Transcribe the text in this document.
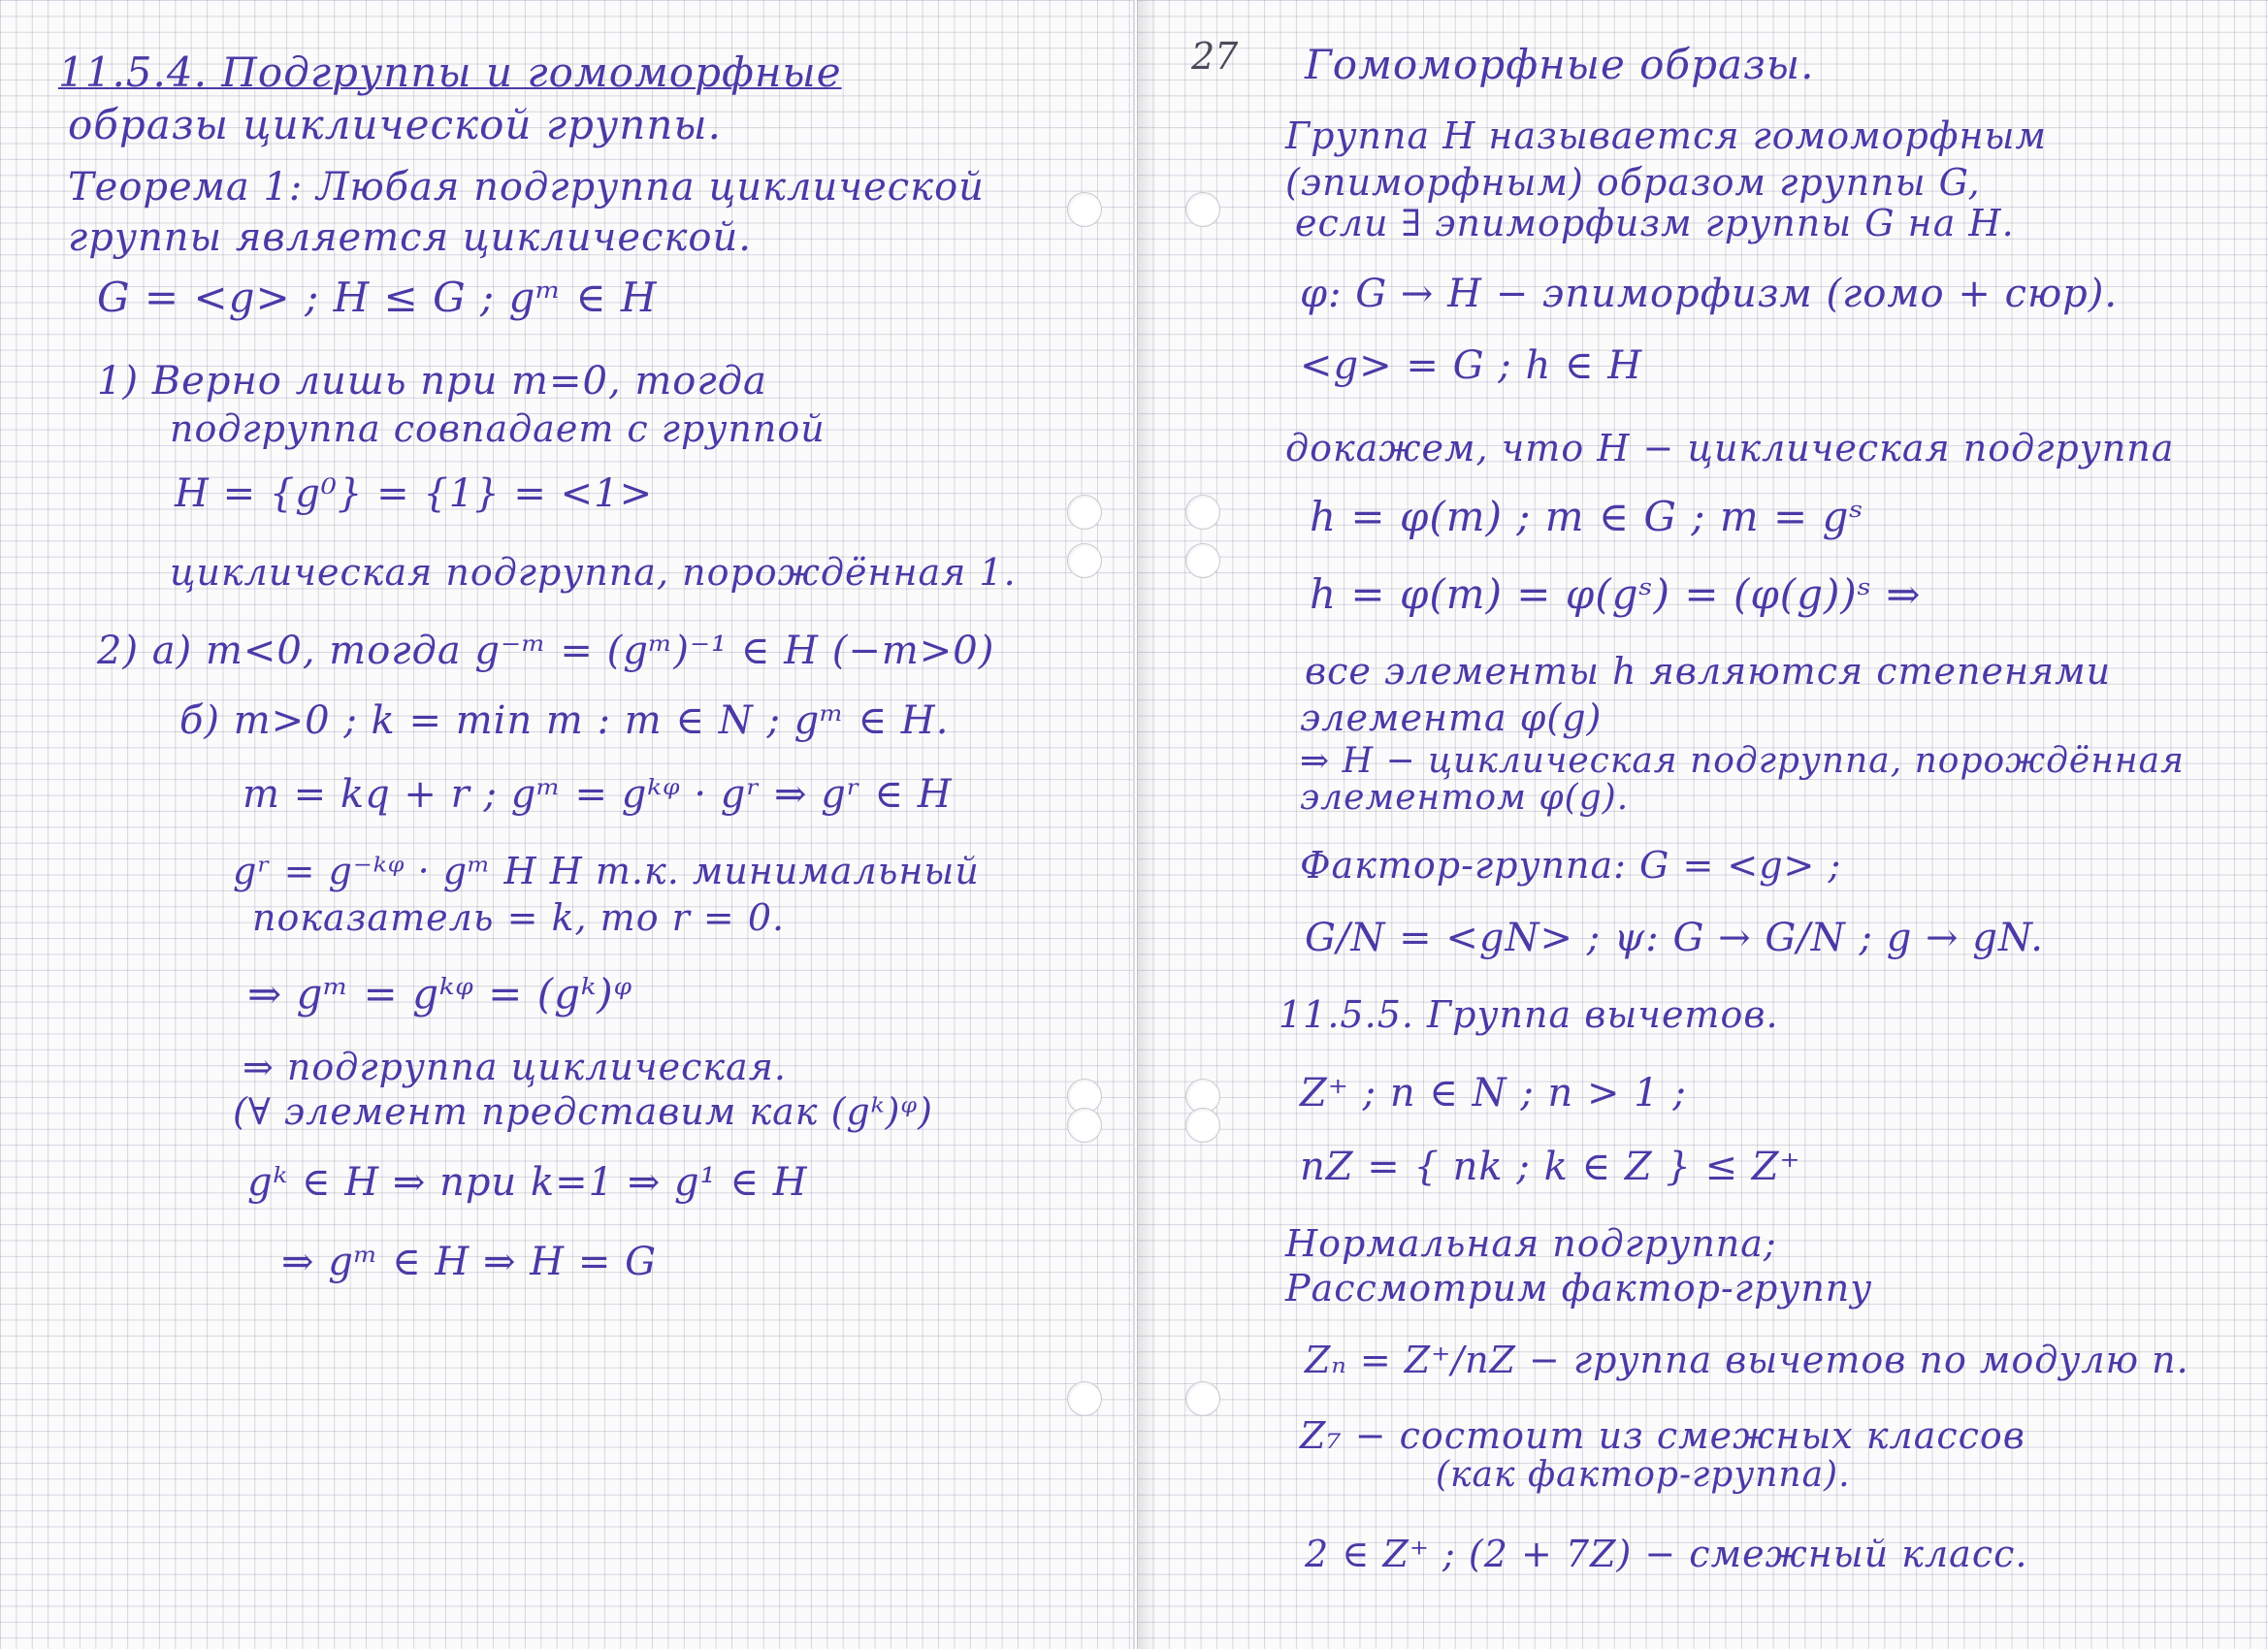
11.5.4. Подгруппы и гомоморфные
образы циклической группы.
Теорема 1: Любая подгруппа циклической
группы является циклической.
G = <g> ; H ≤ G ; gᵐ ∈ H
1) Верно лишь при m=0, тогда
подгруппа совпадает с группой
H = {g⁰} = {1} = <1>
циклическая подгруппа, порождённая 1.
2) а) m<0, тогда g⁻ᵐ = (gᵐ)⁻¹ ∈ H (−m>0)
б) m>0 ; k = min m : m ∈ N ; gᵐ ∈ H.
m = kq + r ; gᵐ = gᵏᵠ · gʳ ⇒ gʳ ∈ H
gʳ = g⁻ᵏᵠ · gᵐ H H т.к. минимальный
показатель = k, то r = 0.
⇒ gᵐ = gᵏᵠ = (gᵏ)ᵠ
⇒ подгруппа циклическая.
(∀ элемент представим как (gᵏ)ᵠ)
gᵏ ∈ H ⇒ при k=1 ⇒ g¹ ∈ H
⇒ gᵐ ∈ H ⇒ H = G
27 Гомоморфные образы.
Группа H называется гомоморфным
(эпиморфным) образом группы G,
если ∃ эпиморфизм группы G на H.
φ: G → H − эпиморфизм (гомо + сюр).
<g> = G ; h ∈ H
докажем, что H − циклическая подгруппа
h = φ(m) ; m ∈ G ; m = gˢ
h = φ(m) = φ(gˢ) = (φ(g))ˢ ⇒
все элементы h являются степенями
элемента φ(g)
⇒ H − циклическая подгруппа, порождённая
элементом φ(g).
Фактор-группа: G = <g> ;
G/N = <gN> ; ψ: G → G/N ; g → gN.
11.5.5. Группа вычетов.
Z⁺ ; n ∈ N ; n > 1 ;
nZ = { nk ; k ∈ Z } ≤ Z⁺
Нормальная подгруппа;
Рассмотрим фактор-группу
Zₙ = Z⁺/nZ − группа вычетов по модулю n.
Z₇ − состоит из смежных классов
(как фактор-группа).
2 ∈ Z⁺ ; (2 + 7Z) − смежный класс.
